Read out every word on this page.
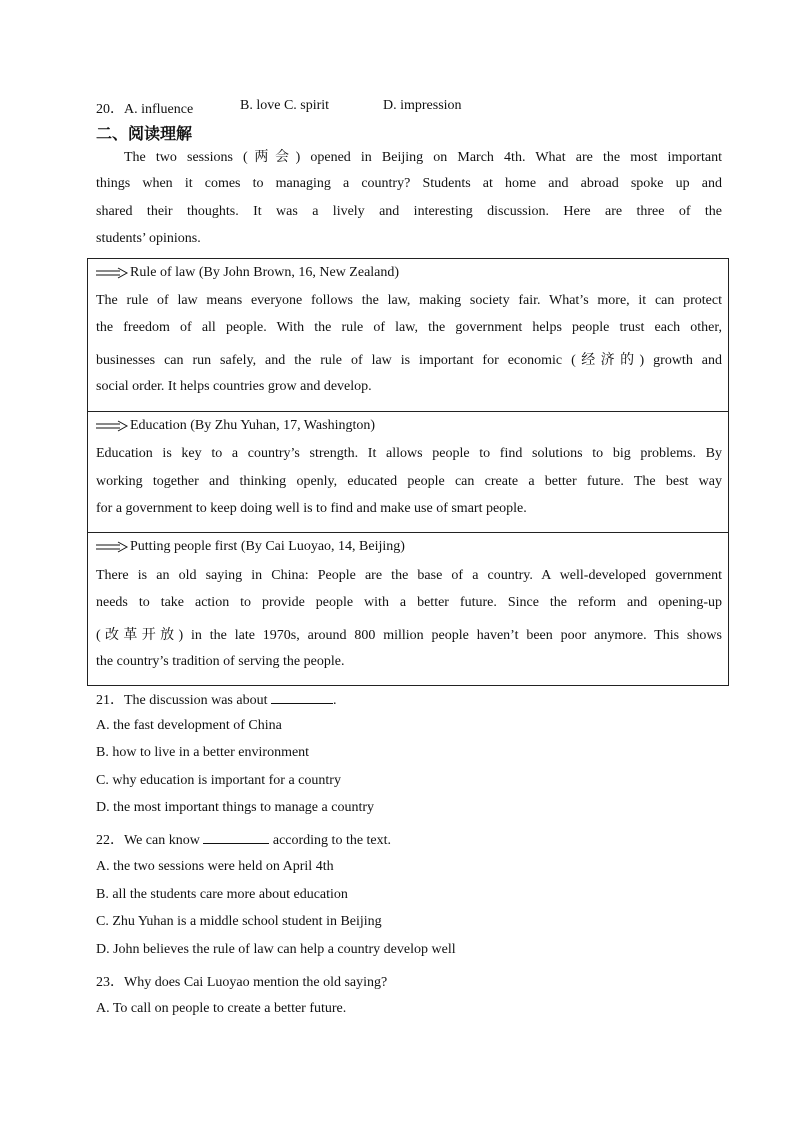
20．A. influence	B. love C. spirit	D. impression
二、阅读理解
The two sessions (两会) opened in Beijing on March 4th. What are the most important
things when it comes to managing a country? Students at home and abroad spoke up and
shared their thoughts. It was a lively and interesting discussion. Here are three of the
students’ opinions.
Rule of law (By John Brown, 16, New Zealand)
The rule of law means everyone follows the law, making society fair. What’s more, it can protect
the freedom of all people. With the rule of law, the government helps people trust each other,
businesses can run safely, and the rule of law is important for economic (经济的) growth and
social order. It helps countries grow and develop.
Education (By Zhu Yuhan, 17, Washington)
Education is key to a country’s strength. It allows people to find solutions to big problems. By
working together and thinking openly, educated people can create a better future. The best way
for a government to keep doing well is to find and make use of smart people.
Putting people first (By Cai Luoyao, 14, Beijing)
There is an old saying in China: People are the base of a country. A well-developed government
needs to take action to provide people with a better future. Since the reform and opening-up
(改革开放) in the late 1970s, around 800 million people haven’t been poor anymore. This shows
the country’s tradition of serving the people.
21．The discussion was about	.
A. the fast development of China
B. how to live in a better environment
C. why education is important for a country
D. the most important things to manage a country
22．We can know	according to the text.
A. the two sessions were held on April 4th
B. all the students care more about education
C. Zhu Yuhan is a middle school student in Beijing
D. John believes the rule of law can help a country develop well
23．Why does Cai Luoyao mention the old saying?
A. To call on people to create a better future.
